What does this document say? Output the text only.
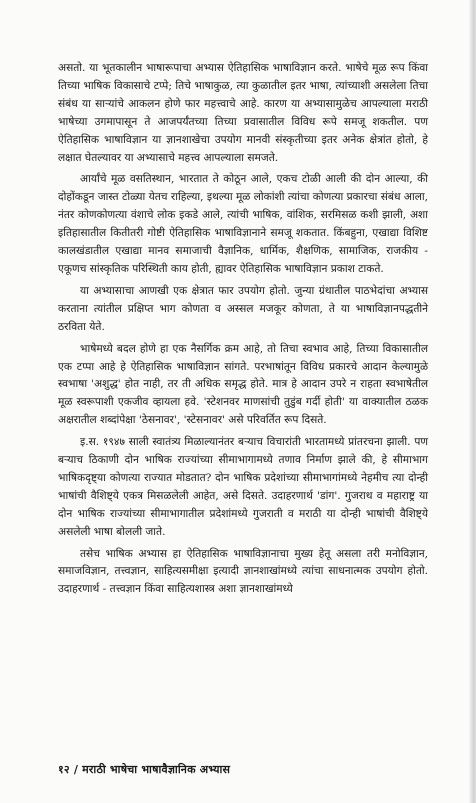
असतो. या भूतकालीन भाषारूपाचा अभ्यास ऐतिहासिक भाषाविज्ञान करते. भाषेचे मूळ रूप किंवा तिच्या भाषिक विकासाचे टप्पे; तिचे भाषाकुळ, त्या कुळातील इतर भाषा, त्यांच्याशी असलेला तिचा संबंध या साऱ्यांचे आकलन होणे फार महत्त्वाचे आहे. कारण या अभ्यासामुळेच आपल्याला मराठी भाषेच्या उगमापासून ते आजपर्यंतच्या तिच्या प्रवासातील विविध रूपे समजू शकतील. पण ऐतिहासिक भाषाविज्ञान या ज्ञानशाखेचा उपयोग मानवी संस्कृतीच्या इतर अनेक क्षेत्रांत होतो, हे लक्षात घेतल्यावर या अभ्यासाचे महत्त्व आपल्याला समजते.

आर्यांचे मूळ वसतिस्थान, भारतात ते कोठून आले, एकच टोळी आली की दोन आल्या, की दोहोंकडून जास्त टोळ्या येतच राहिल्या, इथल्या मूळ लोकांशी त्यांचा कोणत्या प्रकारचा संबंध आला, नंतर कोणकोणत्या वंशाचे लोक इकडे आले, त्यांची भाषिक, वांशिक, सरमिसळ कशी झाली, अशा इतिहासातील कितीतरी गोष्टी ऐतिहासिक भाषाविज्ञानाने समजू शकतात. किंबहुना, एखाद्या विशिष्ट कालखंडातील एखाद्या मानव समाजाची वैज्ञानिक, धार्मिक, शैक्षणिक, सामाजिक, राजकीय - एकूणच सांस्कृतिक परिस्थिती काय होती, ह्यावर ऐतिहासिक भाषाविज्ञान प्रकाश टाकते.

या अभ्यासाचा आणखी एक क्षेत्रात फार उपयोग होतो. जुन्या ग्रंथातील पाठभेदांचा अभ्यास करताना त्यांतील प्रक्षिप्त भाग कोणता व अस्सल मजकूर कोणता, ते या भाषाविज्ञानपद्धतीने ठरविता येते.

भाषेमध्ये बदल होणे हा एक नैसर्गिक क्रम आहे, तो तिचा स्वभाव आहे, तिच्या विकासातील एक टप्पा आहे हे ऐतिहासिक भाषाविज्ञान सांगते. परभाषांतून विविध प्रकारचे आदान केल्यामुळे स्वभाषा 'अशुद्ध' होत नाही, तर ती अधिक समृद्ध होते. मात्र हे आदान उपरे न राहता स्वभाषेतील मूळ स्वरूपाशी एकजीव व्हायला हवे. 'स्टेशनवर माणसांची तुडुंब गर्दी होती' या वाक्यातील ठळक अक्षरातील शब्दांपेक्षा 'ठेसनावर', 'स्टेसनावर' असे परिवर्तित रूप दिसते.

इ.स. १९४७ साली स्वातंत्र्य मिळाल्यानंतर बऱ्याच विचारांती भारतामध्ये प्रांतरचना झाली. पण बऱ्याच ठिकाणी दोन भाषिक राज्यांच्या सीमाभागामध्ये तणाव निर्माण झाले की, हे सीमाभाग भाषिकदृष्ट्या कोणत्या राज्यात मोडतात? दोन भाषिक प्रदेशांच्या सीमाभागांमध्ये नेहमीच त्या दोन्ही भाषांची वैशिष्ट्ये एकत्र मिसळलेली आहेत, असे दिसते. उदाहरणार्थ 'डांग'. गुजराथ व महाराष्ट्र या दोन भाषिक राज्यांच्या सीमाभागातील प्रदेशांमध्ये गुजराती व मराठी या दोन्ही भाषांची वैशिष्ट्ये असलेली भाषा बोलली जाते.

तसेच भाषिक अभ्यास हा ऐतिहासिक भाषाविज्ञानाचा मुख्य हेतू असला तरी मनोविज्ञान, समाजविज्ञान, तत्त्वज्ञान, साहित्यसमीक्षा इत्यादी ज्ञानशाखांमध्ये त्यांचा साधनात्मक उपयोग होतो. उदाहरणार्थ - तत्त्वज्ञान किंवा साहित्यशास्त्र अशा ज्ञानशाखांमध्ये

१२ / मराठी भाषेचा भाषावैज्ञानिक अभ्यास
